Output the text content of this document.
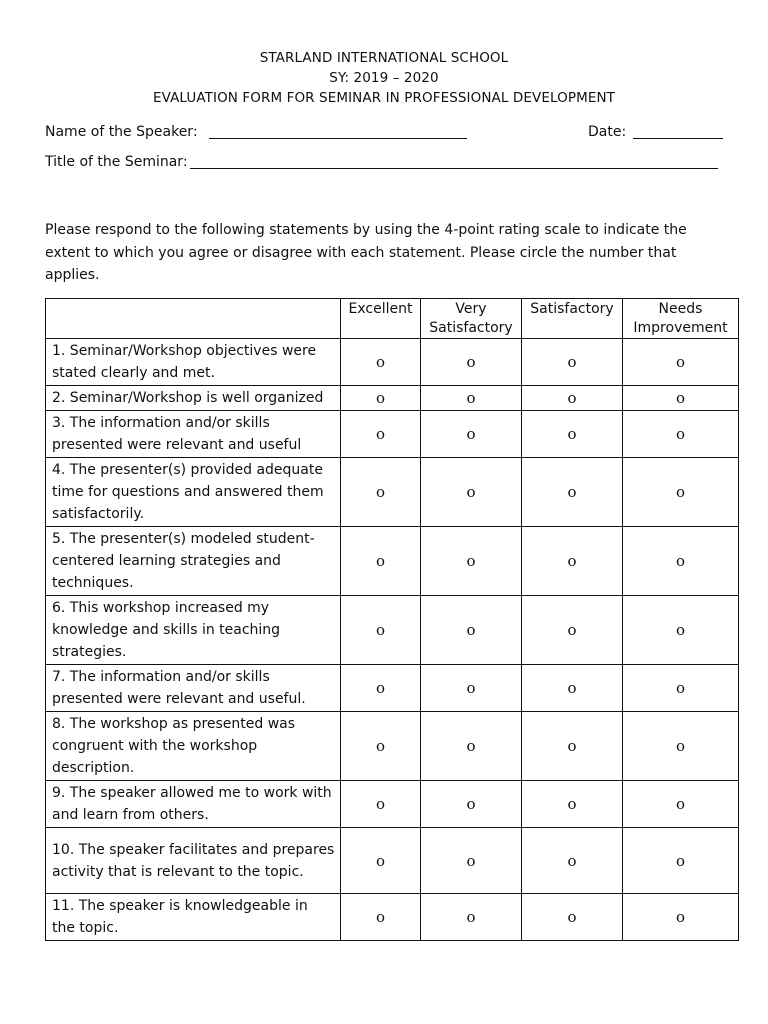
STARLAND INTERNATIONAL SCHOOL
SY: 2019 – 2020
EVALUATION FORM FOR SEMINAR IN PROFESSIONAL DEVELOPMENT
Name of the Speaker:	Date:
Title of the Seminar:
Please respond to the following statements by using the 4-point rating scale to indicate the extent to which you agree or disagree with each statement. Please circle the number that applies.
	Excellent	Very Satisfactory	Satisfactory	Needs Improvement
1. Seminar/Workshop objectives were stated clearly and met.	o	o	o	o
2. Seminar/Workshop is well organized	o	o	o	o
3. The information and/or skills presented were relevant and useful	o	o	o	o
4. The presenter(s) provided adequate time for questions and answered them satisfactorily.	o	o	o	o
5. The presenter(s) modeled student-centered learning strategies and techniques.	o	o	o	o
6. This workshop increased my knowledge and skills in teaching strategies.	o	o	o	o
7. The information and/or skills presented were relevant and useful.	o	o	o	o
8. The workshop as presented was congruent with the workshop description.	o	o	o	o
9. The speaker allowed me to work with and learn from others.	o	o	o	o
10. The speaker facilitates and prepares activity that is relevant to the topic.	o	o	o	o
11. The speaker is knowledgeable in the topic.	o	o	o	o
